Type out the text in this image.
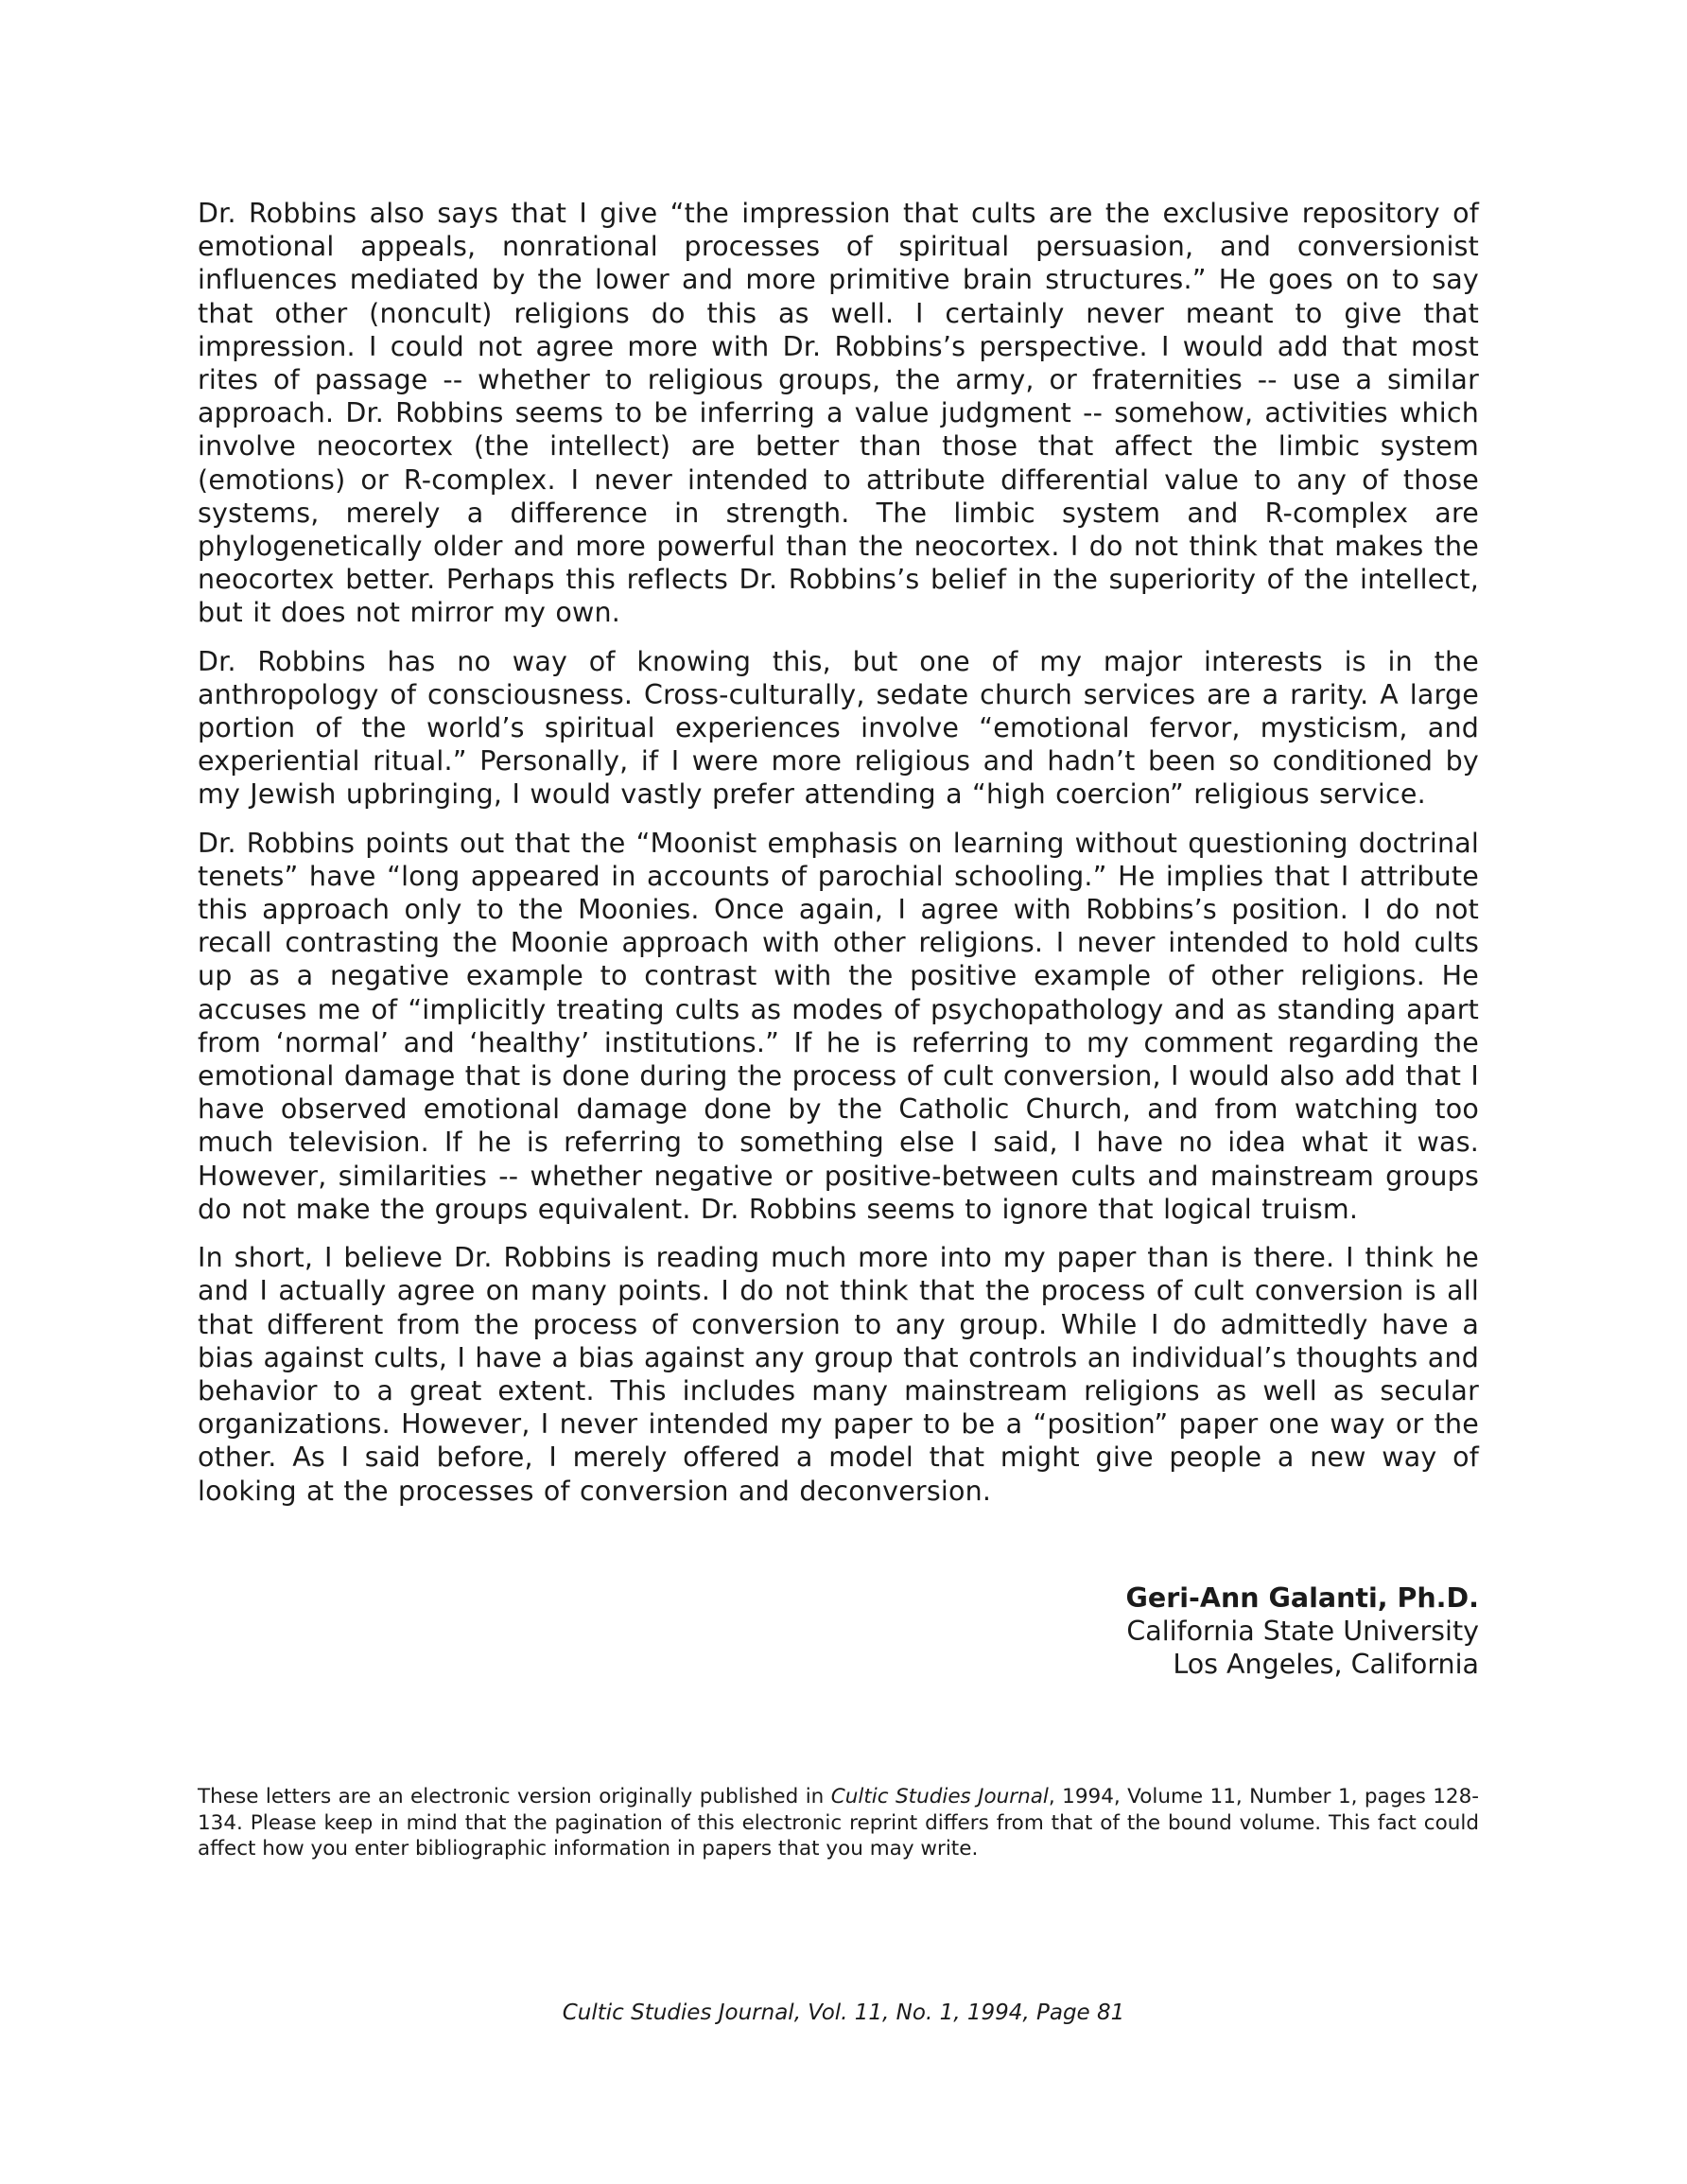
Dr. Robbins also says that I give “the impression that cults are the exclusive repository of emotional appeals, nonrational processes of spiritual persuasion, and conversionist influences mediated by the lower and more primitive brain structures.” He goes on to say that other (noncult) religions do this as well. I certainly never meant to give that impression. I could not agree more with Dr. Robbins’s perspective. I would add that most rites of passage -- whether to religious groups, the army, or fraternities -- use a similar approach. Dr. Robbins seems to be inferring a value judgment -- somehow, activities which involve neocortex (the intellect) are better than those that affect the limbic system (emotions) or R-complex. I never intended to attribute differential value to any of those systems, merely a difference in strength. The limbic system and R-complex are phylogenetically older and more powerful than the neocortex. I do not think that makes the neocortex better. Perhaps this reflects Dr. Robbins’s belief in the superiority of the intellect, but it does not mirror my own.

Dr. Robbins has no way of knowing this, but one of my major interests is in the anthropology of consciousness. Cross-culturally, sedate church services are a rarity. A large portion of the world’s spiritual experiences involve “emotional fervor, mysticism, and experiential ritual.” Personally, if I were more religious and hadn’t been so conditioned by my Jewish upbringing, I would vastly prefer attending a “high coercion” religious service.

Dr. Robbins points out that the “Moonist emphasis on learning without questioning doctrinal tenets” have “long appeared in accounts of parochial schooling.” He implies that I attribute this approach only to the Moonies. Once again, I agree with Robbins’s position. I do not recall contrasting the Moonie approach with other religions. I never intended to hold cults up as a negative example to contrast with the positive example of other religions. He accuses me of “implicitly treating cults as modes of psychopathology and as standing apart from ‘normal’ and ‘healthy’ institutions.” If he is referring to my comment regarding the emotional damage that is done during the process of cult conversion, I would also add that I have observed emotional damage done by the Catholic Church, and from watching too much television. If he is referring to something else I said, I have no idea what it was. However, similarities -- whether negative or positive-between cults and mainstream groups do not make the groups equivalent. Dr. Robbins seems to ignore that logical truism.

In short, I believe Dr. Robbins is reading much more into my paper than is there. I think he and I actually agree on many points. I do not think that the process of cult conversion is all that different from the process of conversion to any group. While I do admittedly have a bias against cults, I have a bias against any group that controls an individual’s thoughts and behavior to a great extent. This includes many mainstream religions as well as secular organizations. However, I never intended my paper to be a “position” paper one way or the other. As I said before, I merely offered a model that might give people a new way of looking at the processes of conversion and deconversion.

Geri-Ann Galanti, Ph.D.
California State University
Los Angeles, California
These letters are an electronic version originally published in Cultic Studies Journal, 1994, Volume 11, Number 1, pages 128-134. Please keep in mind that the pagination of this electronic reprint differs from that of the bound volume. This fact could affect how you enter bibliographic information in papers that you may write.
Cultic Studies Journal, Vol. 11, No. 1, 1994, Page 81
